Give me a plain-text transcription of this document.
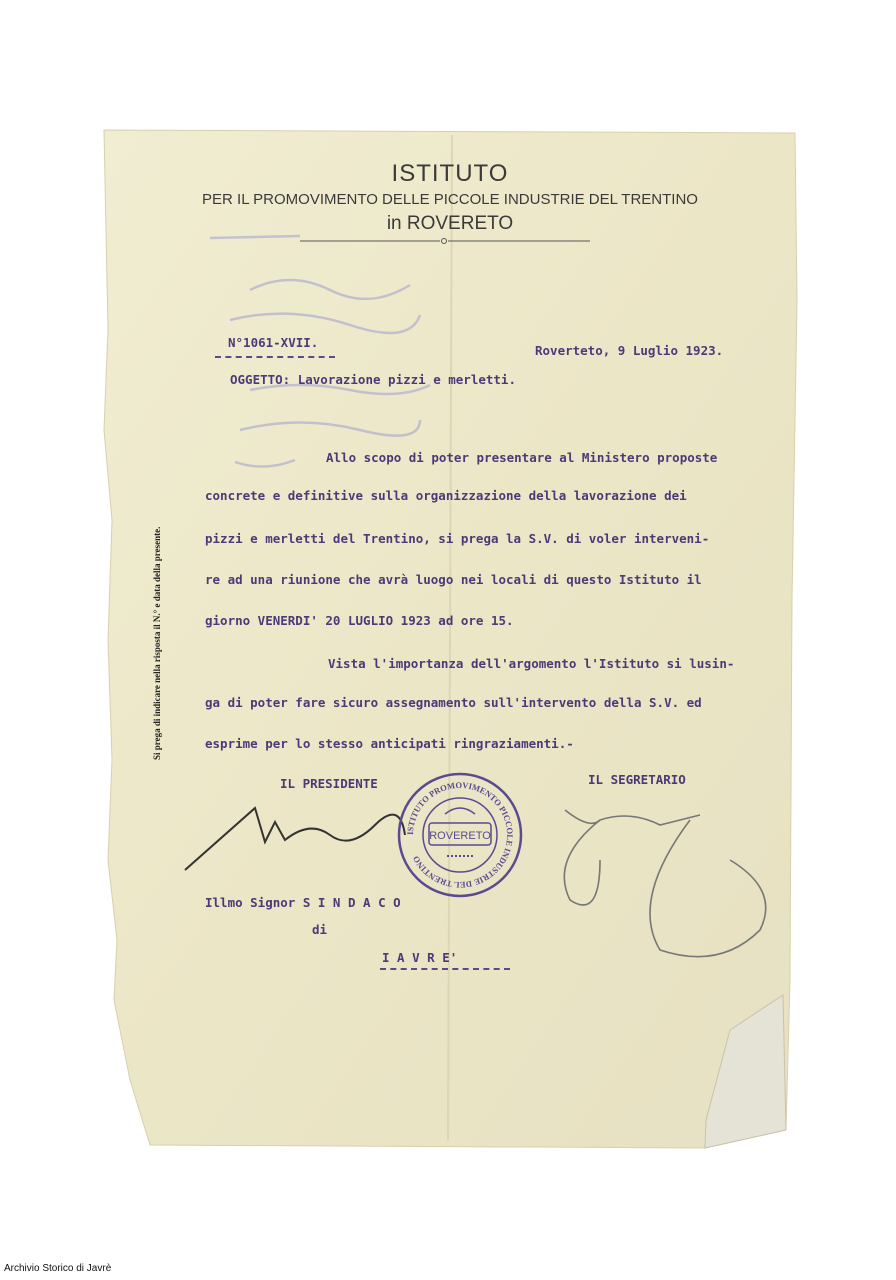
ISTITUTO
PER IL PROMOVIMENTO DELLE PICCOLE INDUSTRIE DEL TRENTINO
in ROVERETO
N°1061-XVII.
Roverteto, 9 Luglio 1923.
OGGETTO: Lavorazione pizzi e merletti.
Allo scopo di poter presentare al Ministero proposte
concrete e definitive sulla organizzazione della lavorazione dei
pizzi e merletti del Trentino, si prega la S.V. di voler interveni-
re ad una riunione che avrà luogo nei locali di questo Istituto il
giorno VENERDI' 20 LUGLIO 1923 ad ore 15.
Vista l'importanza dell'argomento l'Istituto si lusin-
ga di poter fare sicuro assegnamento sull'intervento della S.V. ed
esprime per lo stesso anticipati ringraziamenti.-
IL PRESIDENTE	IL SEGRETARIO
ISTITUTO PROMOVIMENTO PICCOLE INDUSTRIE DEL TRENTINO
ROVERETO
Illmo Signor S I N D A C O
di
I A V R E'
Si prega di indicare nella risposta il N.° e data della presente.
Archivio Storico di Javrè
